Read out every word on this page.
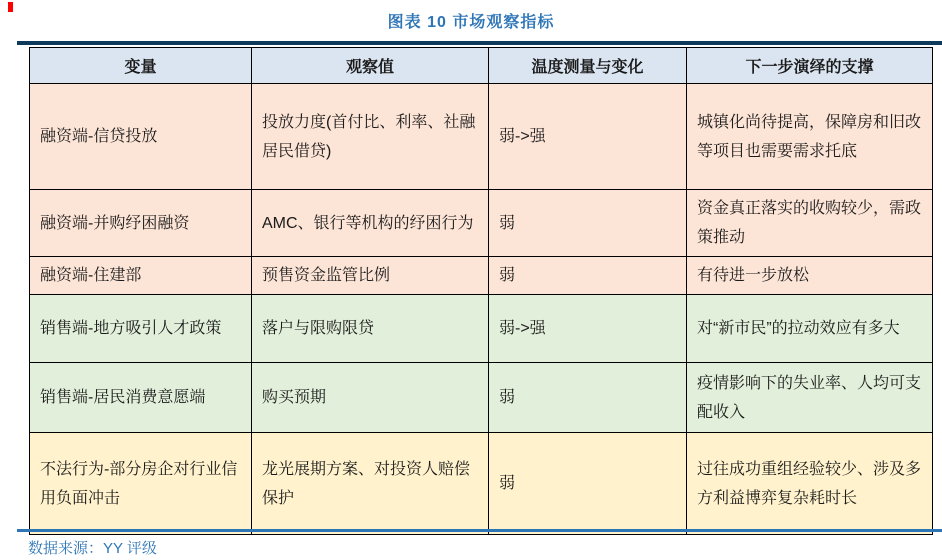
图表 10 市场观察指标
变量	观察值	温度测量与变化	下一步演绎的支撑
融资端-信贷投放	投放力度(首付比、利率、社融居民借贷)	弱->强	城镇化尚待提高，保障房和旧改等项目也需要需求托底
融资端-并购纾困融资	AMC、银行等机构的纾困行为	弱	资金真正落实的收购较少，需政策推动
融资端-住建部	预售资金监管比例	弱	有待进一步放松
销售端-地方吸引人才政策	落户与限购限贷	弱->强	对“新市民”的拉动效应有多大
销售端-居民消费意愿端	购买预期	弱	疫情影响下的失业率、人均可支配收入
不法行为-部分房企对行业信用负面冲击	龙光展期方案、对投资人赔偿保护	弱	过往成功重组经验较少、涉及多方利益博弈复杂耗时长
数据来源：YY 评级
